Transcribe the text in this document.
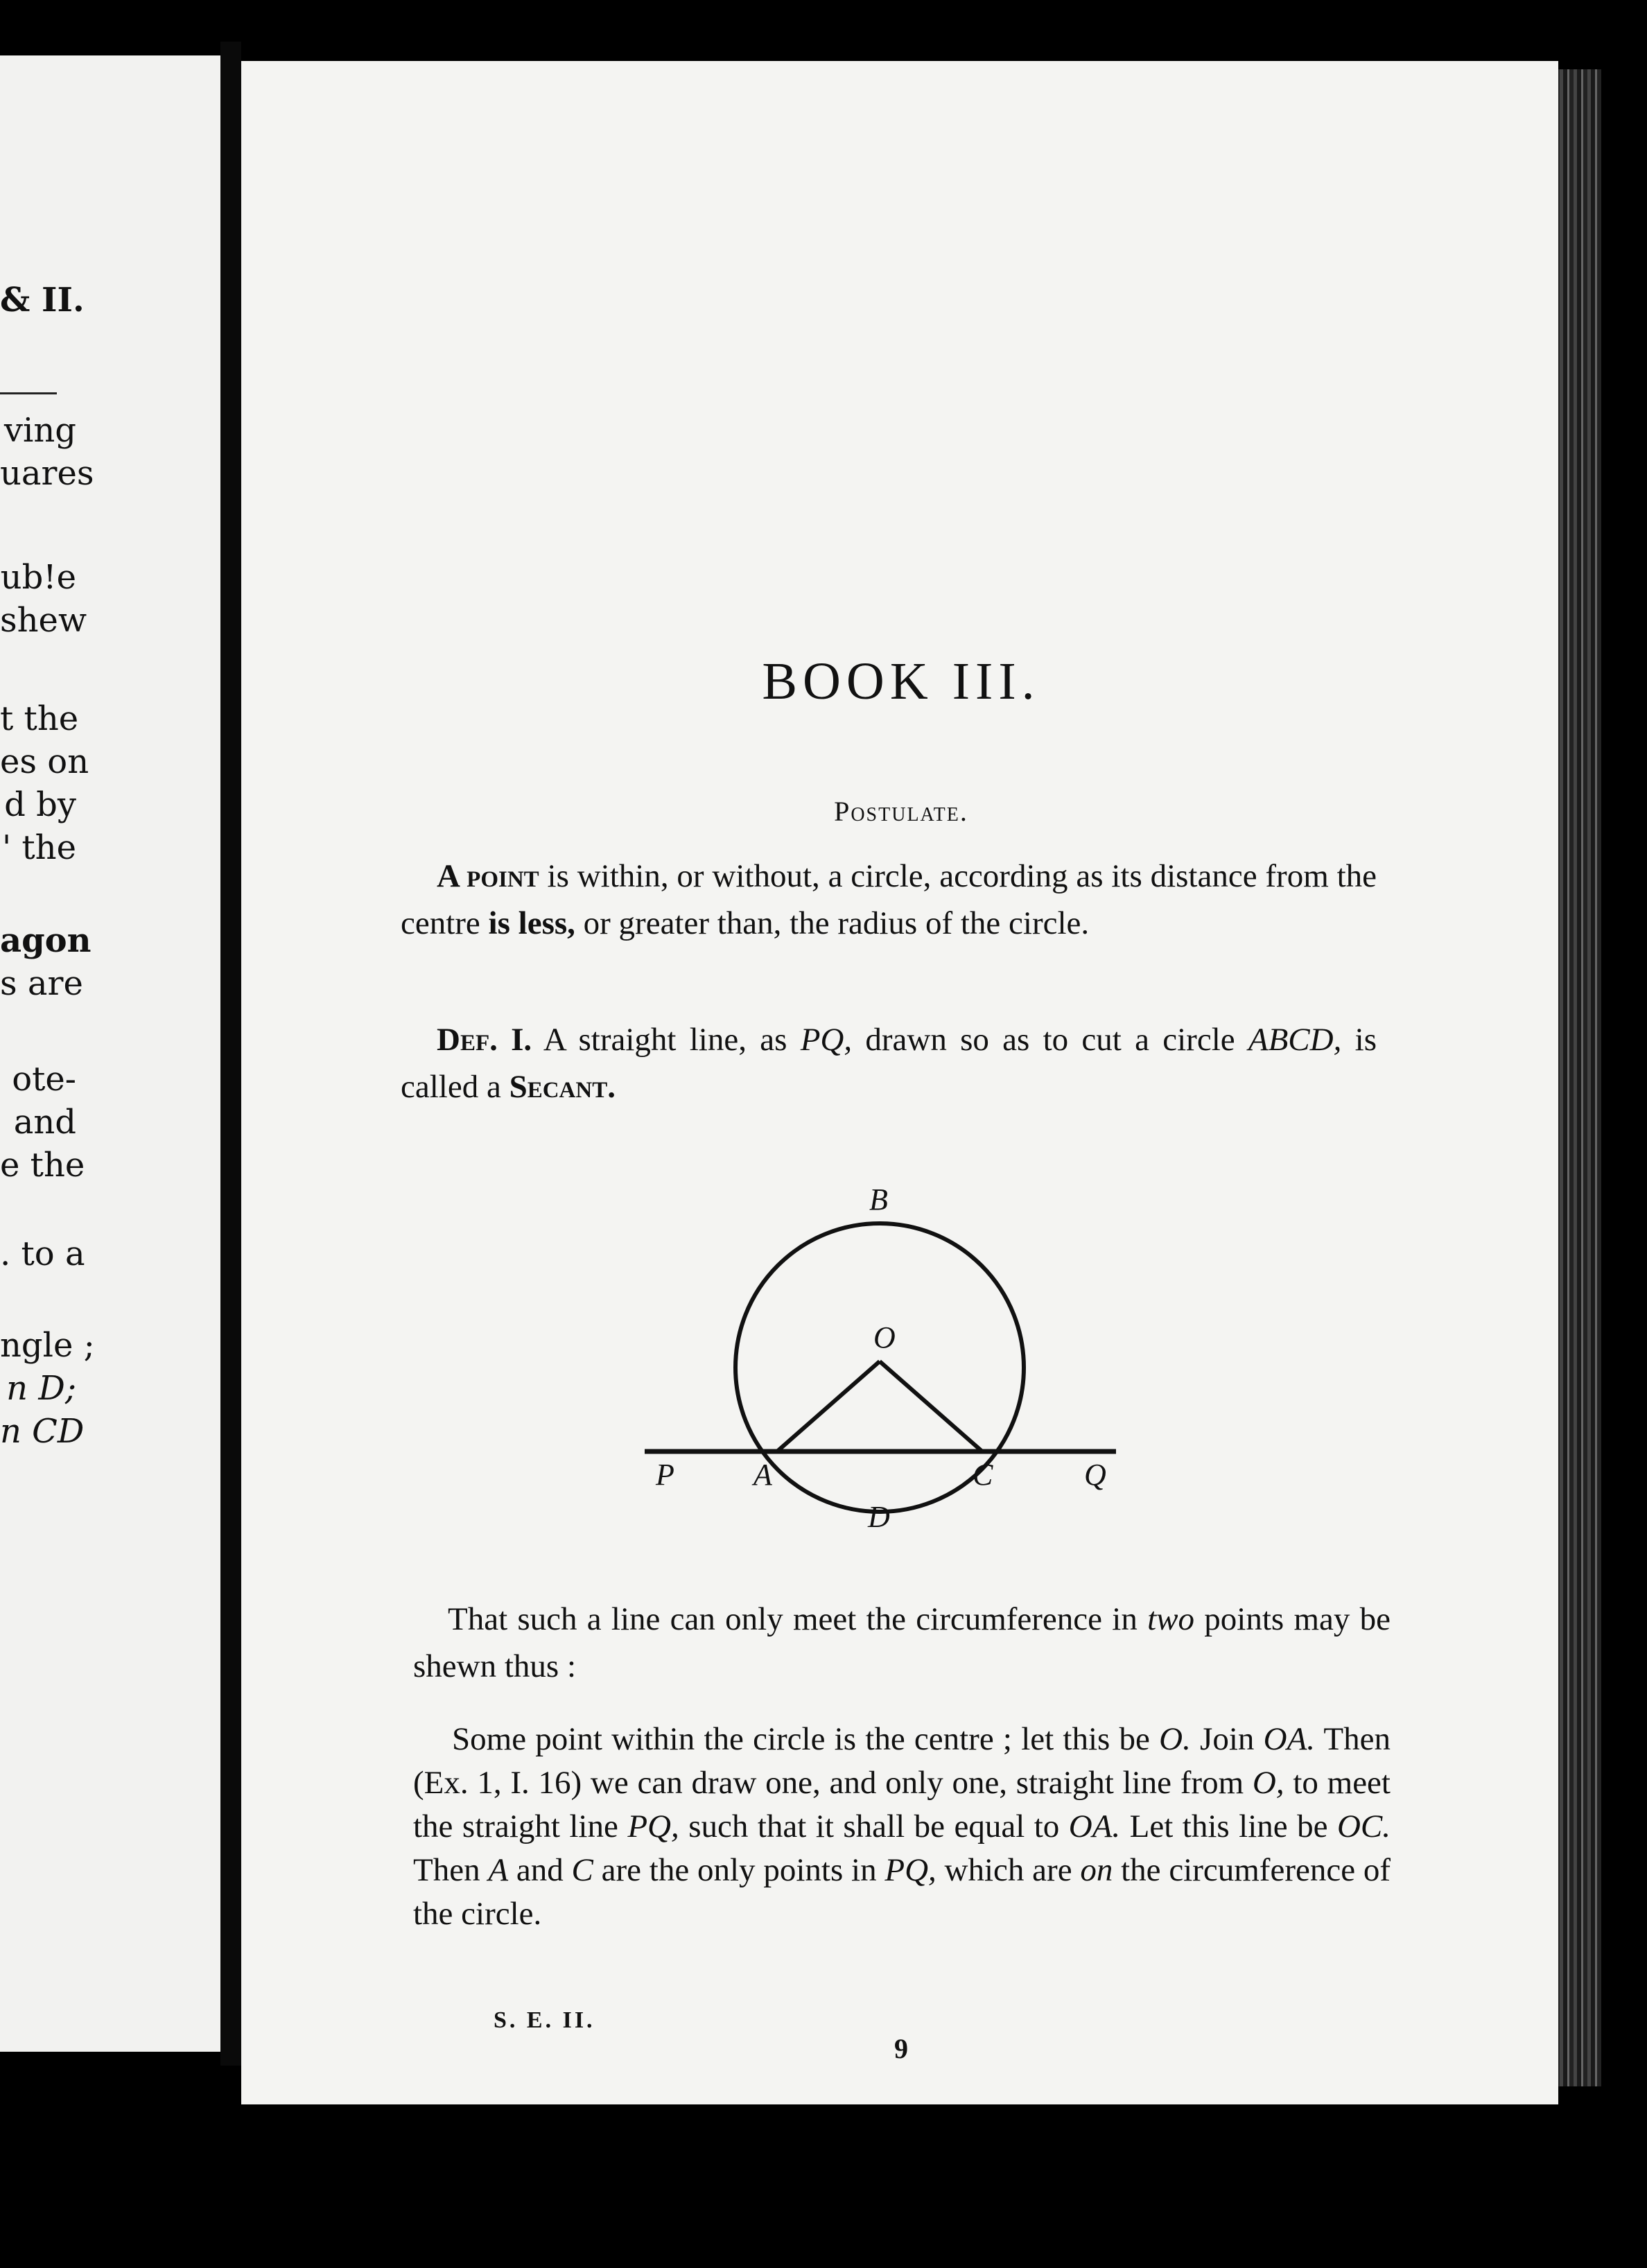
& II.
ving
uares
ub!e
shew
t the
es on
d by
' the
agon
s are
ote-
and
e the
. to a
ngle ;
n D;
n CD
BOOK III.
Postulate.
A point is within, or without, a circle, according as its distance from the centre is less, or greater than, the radius of the circle.
Def. I. A straight line, as PQ, drawn so as to cut a circle ABCD, is called a Secant.
B
O
P	A	C	Q
D
That such a line can only meet the circumference in two points may be shewn thus :
Some point within the circle is the centre ; let this be O. Join OA. Then (Ex. 1, I. 16) we can draw one, and only one, straight line from O, to meet the straight line PQ, such that it shall be equal to OA. Let this line be OC. Then A and C are the only points in PQ, which are on the circumference of the circle.
S. E. II.
9
